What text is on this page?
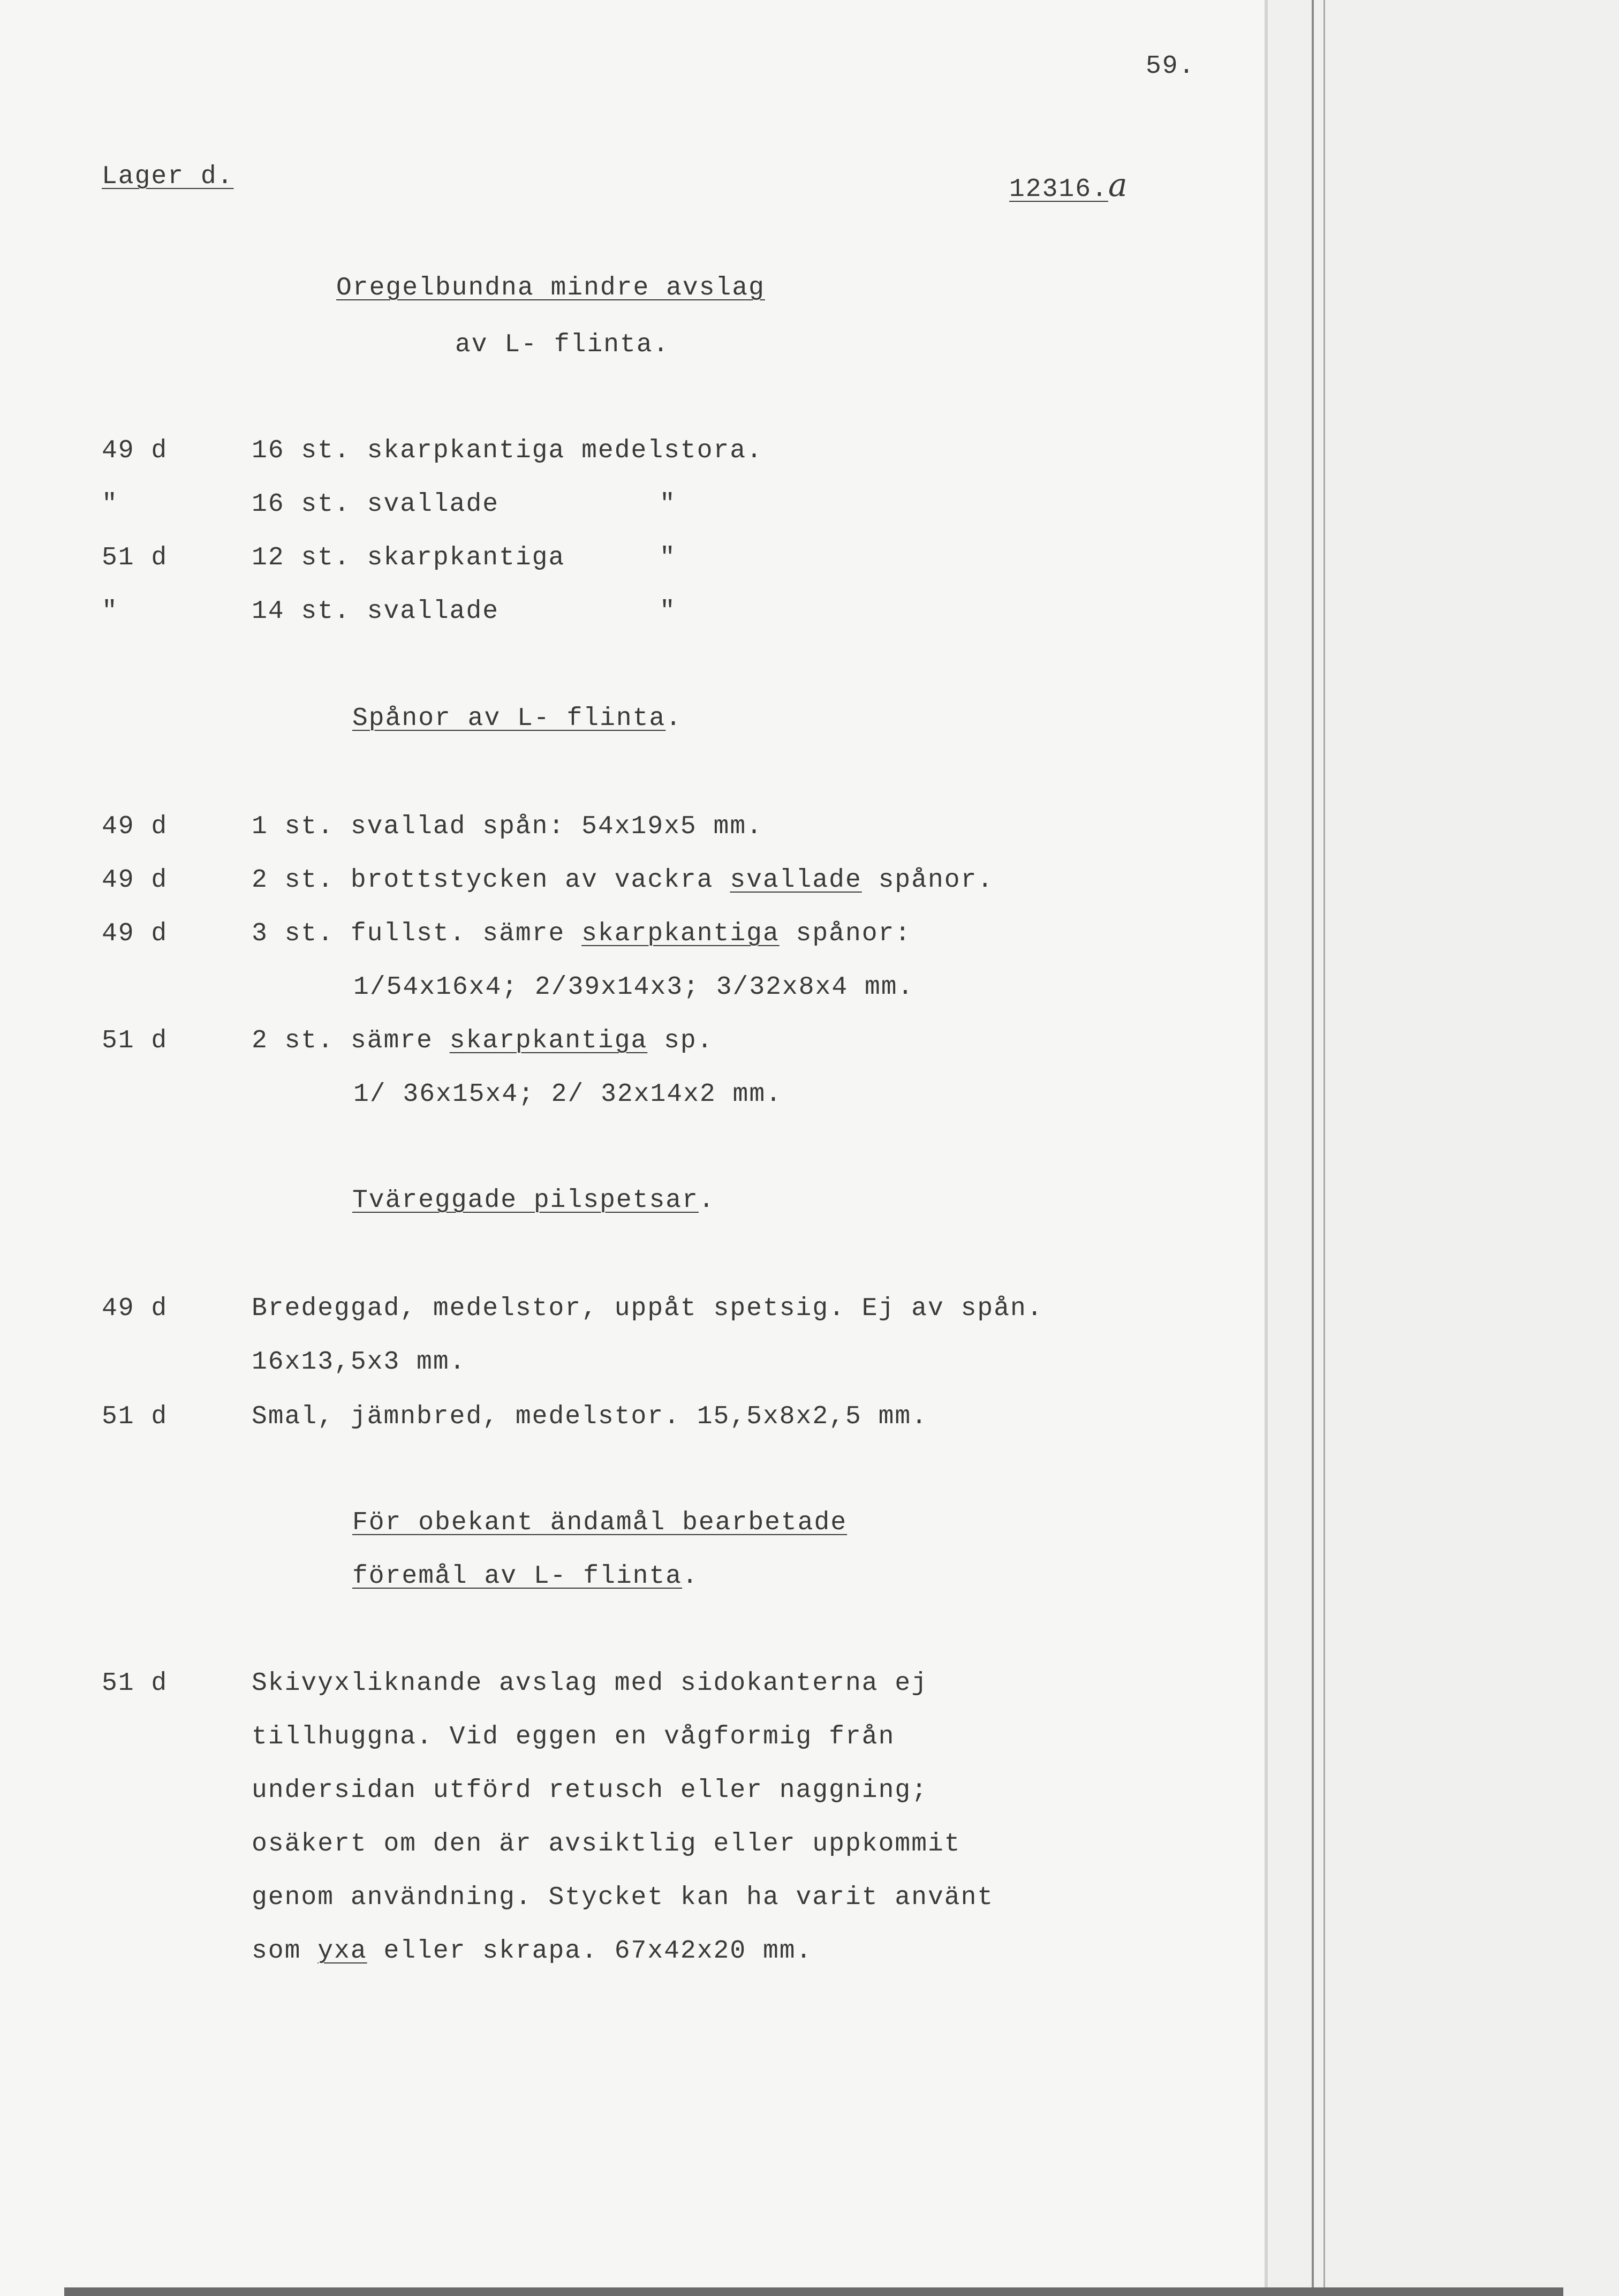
59.
Lager d.	12316.a
Oregelbundna mindre avslag
av L- flinta.
49 d	16 st. skarpkantiga medelstora.
"	16 st. svallade	"
51 d	12 st. skarpkantiga	"
"	14 st. svallade	"
Spånor av L- flinta.
49 d	1 st. svallad spån: 54x19x5 mm.
49 d	2 st. brottstycken av vackra svallade spånor.
49 d	3 st. fullst. sämre skarpkantiga spånor:
1/54x16x4; 2/39x14x3; 3/32x8x4 mm.
51 d	2 st. sämre skarpkantiga sp.
1/ 36x15x4; 2/ 32x14x2 mm.
Tväreggade pilspetsar.
49 d	Bredeggad, medelstor, uppåt spetsig. Ej av spån.
16x13,5x3 mm.
51 d	Smal, jämnbred, medelstor. 15,5x8x2,5 mm.
För obekant ändamål bearbetade
föremål av L- flinta.
51 d	Skivyxliknande avslag med sidokanterna ej
tillhuggna. Vid eggen en vågformig från
undersidan utförd retusch eller naggning;
osäkert om den är avsiktlig eller uppkommit
genom användning. Stycket kan ha varit använt
som yxa eller skrapa. 67x42x20 mm.
